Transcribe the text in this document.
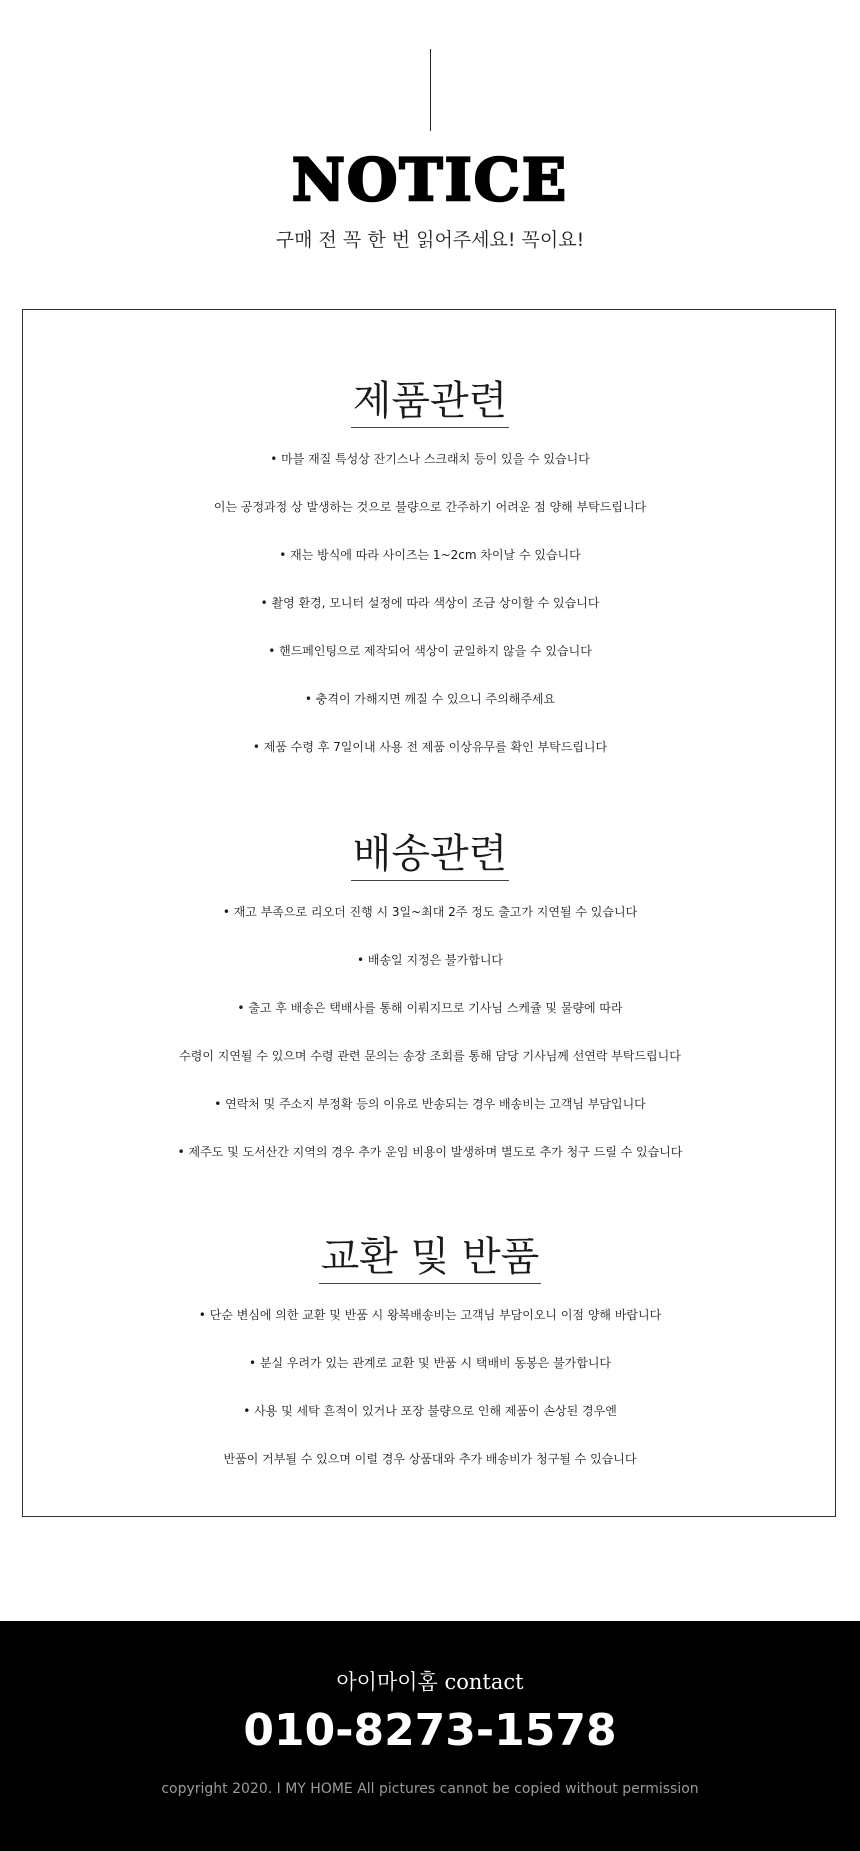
NOTICE
구매 전 꼭 한 번 읽어주세요! 꼭이요!
제품관련
• 마블 재질 특성상 잔기스나 스크래치 등이 있을 수 있습니다
이는 공정과정 상 발생하는 것으로 불량으로 간주하기 어려운 점 양해 부탁드립니다
• 재는 방식에 따라 사이즈는 1~2cm 차이날 수 있습니다
• 촬영 환경, 모니터 설정에 따라 색상이 조금 상이할 수 있습니다
• 핸드페인팅으로 제작되어 색상이 균일하지 않을 수 있습니다
• 충격이 가해지면 깨질 수 있으니 주의해주세요
• 제품 수령 후 7일이내 사용 전 제품 이상유무를 확인 부탁드립니다
배송관련
• 재고 부족으로 리오더 진행 시 3일~최대 2주 정도 출고가 지연될 수 있습니다
• 배송일 지정은 불가합니다
• 출고 후 배송은 택배사를 통해 이뤄지므로 기사님 스케쥴 및 물량에 따라
수령이 지연될 수 있으며 수령 관련 문의는 송장 조회를 통해 담당 기사님께 선연락 부탁드립니다
• 연락처 및 주소지 부정확 등의 이유로 반송되는 경우 배송비는 고객님 부담입니다
• 제주도 및 도서산간 지역의 경우 추가 운임 비용이 발생하며 별도로 추가 청구 드릴 수 있습니다
교환 및 반품
• 단순 변심에 의한 교환 및 반품 시 왕복배송비는 고객님 부담이오니 이점 양해 바랍니다
• 분실 우려가 있는 관계로 교환 및 반품 시 택배비 동봉은 불가합니다
• 사용 및 세탁 흔적이 있거나 포장 불량으로 인해 제품이 손상된 경우엔
반품이 거부될 수 있으며 이럴 경우 상품대와 추가 배송비가 청구될 수 있습니다
아이마이홈 contact
010-8273-1578
copyright 2020. I MY HOME All pictures cannot be copied without permission
